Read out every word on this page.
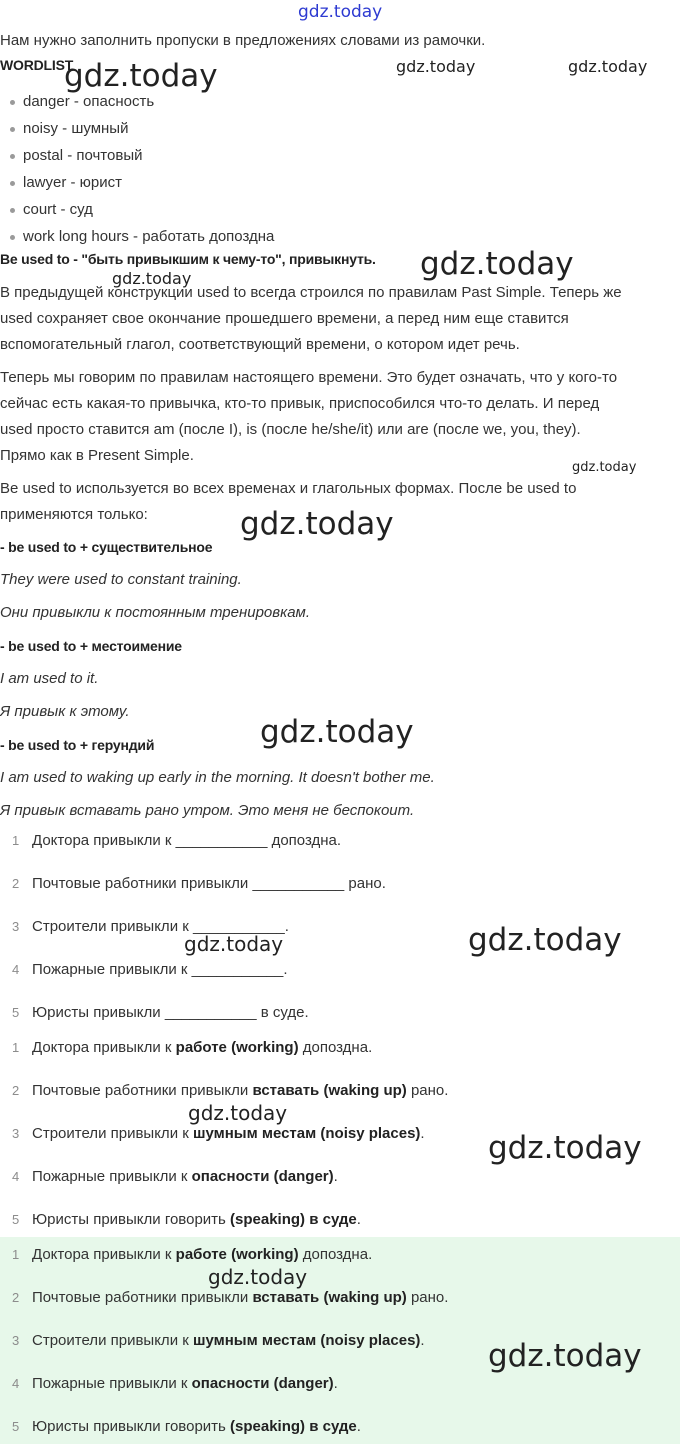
gdz.today
Нам нужно заполнить пропуски в предложениях словами из рамочки.
WORDLIST
danger - опасность
noisy - шумный
postal - почтовый
lawyer - юрист
court - суд
work long hours - работать допоздна
Be used to - "быть привыкшим к чему-то", привыкнуть.
В предыдущей конструкции used to всегда строился по правилам Past Simple. Теперь же
used сохраняет свое окончание прошедшего времени, а перед ним еще ставится
вспомогательный глагол, соответствующий времени, о котором идет речь.
Теперь мы говорим по правилам настоящего времени. Это будет означать, что у кого-то
сейчас есть какая-то привычка, кто-то привык, приспособился что-то делать. И перед
used просто ставится am (после I), is (после he/she/it) или are (после we, you, they).
Прямо как в Present Simple.
Be used to используется во всех временах и глагольных формах. После be used to
применяются только:
- be used to + существительное
They were used to constant training.
Они привыкли к постоянным тренировкам.
- be used to + местоимение
I am used to it.
Я привык к этому.
- be used to + герундий
I am used to waking up early in the morning. It doesn't bother me.
Я привык вставать рано утром. Это меня не беспокоит.
1 Доктора привыкли к ___________ допоздна.
2 Почтовые работники привыкли ___________ рано.
3 Строители привыкли к ___________.
4 Пожарные привыкли к ___________.
5 Юристы привыкли ___________ в суде.
1 Доктора привыкли к работе (working) допоздна.
2 Почтовые работники привыкли вставать (waking up) рано.
3 Строители привыкли к шумным местам (noisy places).
4 Пожарные привыкли к опасности (danger).
5 Юристы привыкли говорить (speaking) в суде.
1 Доктора привыкли к работе (working) допоздна.
2 Почтовые работники привыкли вставать (waking up) рано.
3 Строители привыкли к шумным местам (noisy places).
4 Пожарные привыкли к опасности (danger).
5 Юристы привыкли говорить (speaking) в суде.
gdz.today	gdz.today	gdz.today
gdz.today
gdz.today
gdz.today
gdz.today
gdz.today
gdz.today	gdz.today
gdz.today
gdz.today
gdz.today
gdz.today
